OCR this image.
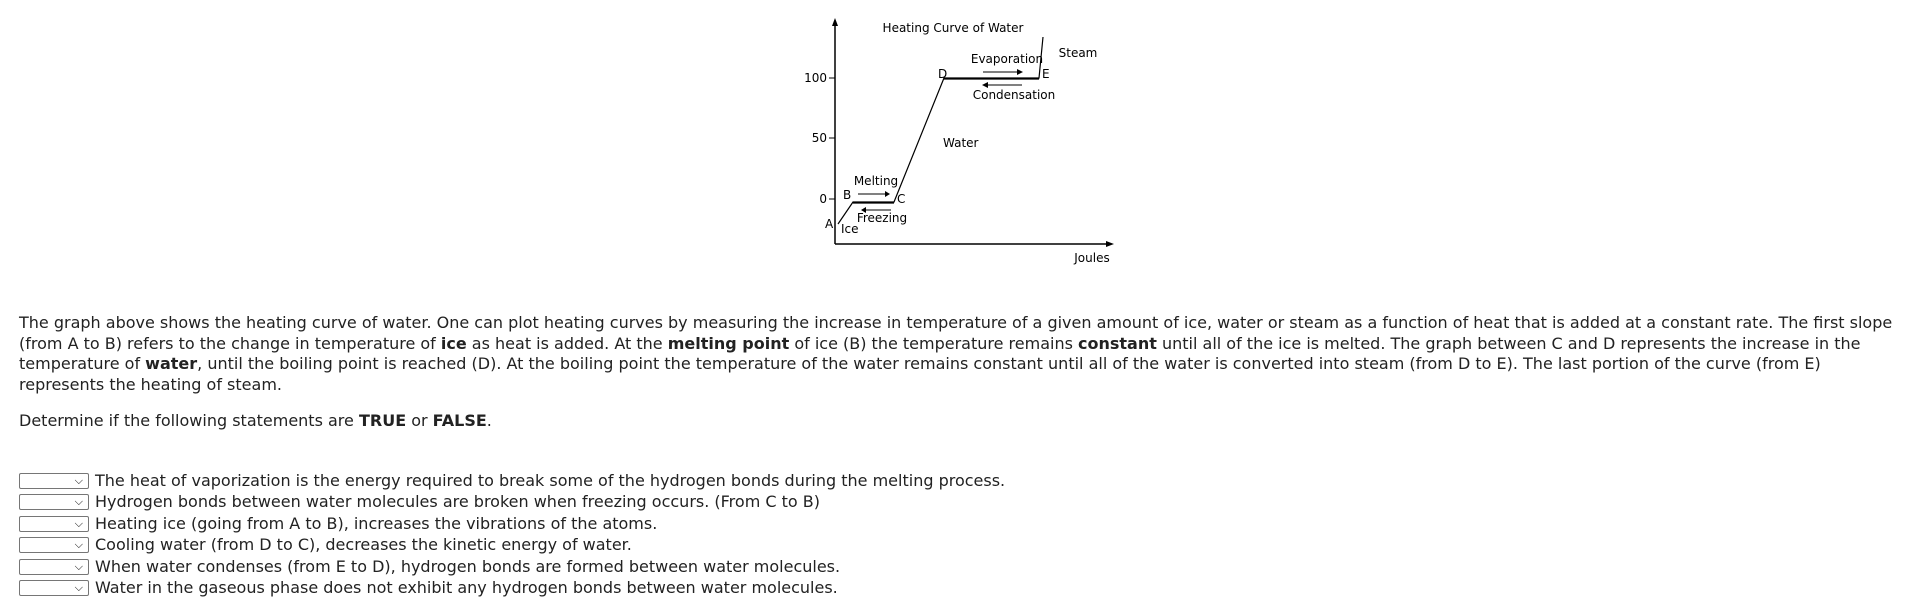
100
50
0
Heating Curve of Water
Joules
A
B	C
D	E
Ice
Water
Steam
Melting
Freezing
Evaporation
Condensation

The graph above shows the heating curve of water. One can plot heating curves by measuring the increase in temperature of a given amount of ice, water or steam as a function of heat that is added at a constant rate. The first slope (from A to B) refers to the change in temperature of ice as heat is added. At the melting point of ice (B) the temperature remains constant until all of the ice is melted. The graph between C and D represents the increase in the temperature of water, until the boiling point is reached (D). At the boiling point the temperature of the water remains constant until all of the water is converted into steam (from D to E). The last portion of the curve (from E) represents the heating of steam.

Determine if the following statements are TRUE or FALSE.

⌵ The heat of vaporization is the energy required to break some of the hydrogen bonds during the melting process.
⌵ Hydrogen bonds between water molecules are broken when freezing occurs. (From C to B)
⌵ Heating ice (going from A to B), increases the vibrations of the atoms.
⌵ Cooling water (from D to C), decreases the kinetic energy of water.
⌵ When water condenses (from E to D), hydrogen bonds are formed between water molecules.
⌵ Water in the gaseous phase does not exhibit any hydrogen bonds between water molecules.
